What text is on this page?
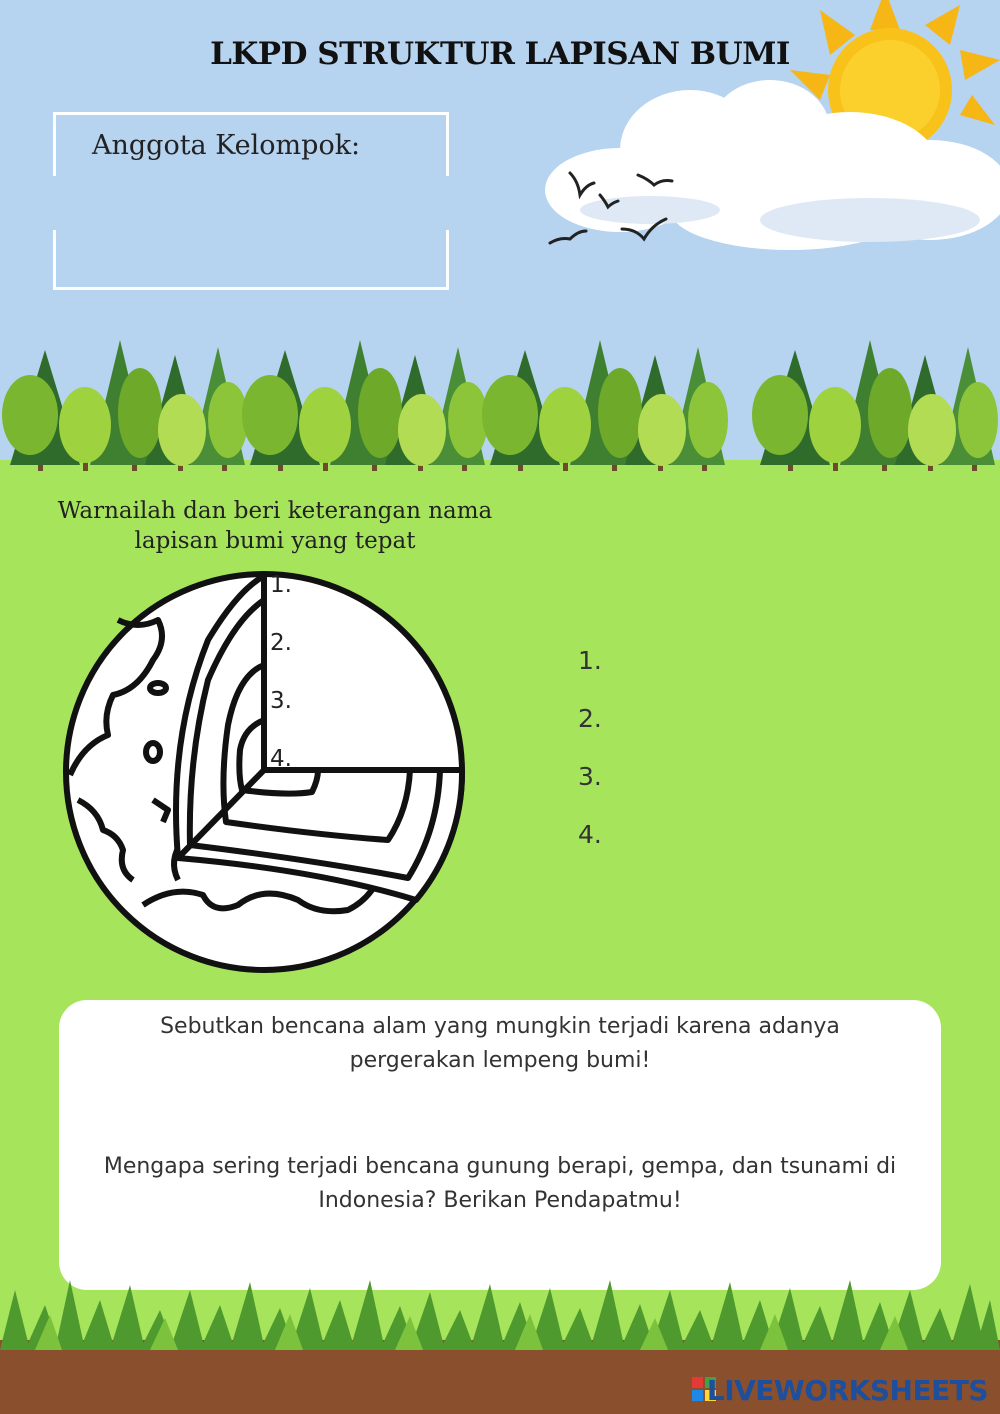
LKPD STRUKTUR LAPISAN BUMI
Anggota Kelompok:
Warnailah dan beri keterangan nama
lapisan bumi yang tepat
1.
2.
3.
4.
1.
2.
3.
4.
Sebutkan bencana alam yang mungkin terjadi karena adanya
pergerakan lempeng bumi!
Mengapa sering terjadi bencana gunung berapi, gempa, dan tsunami di
Indonesia? Berikan Pendapatmu!
LIVEWORKSHEETS
